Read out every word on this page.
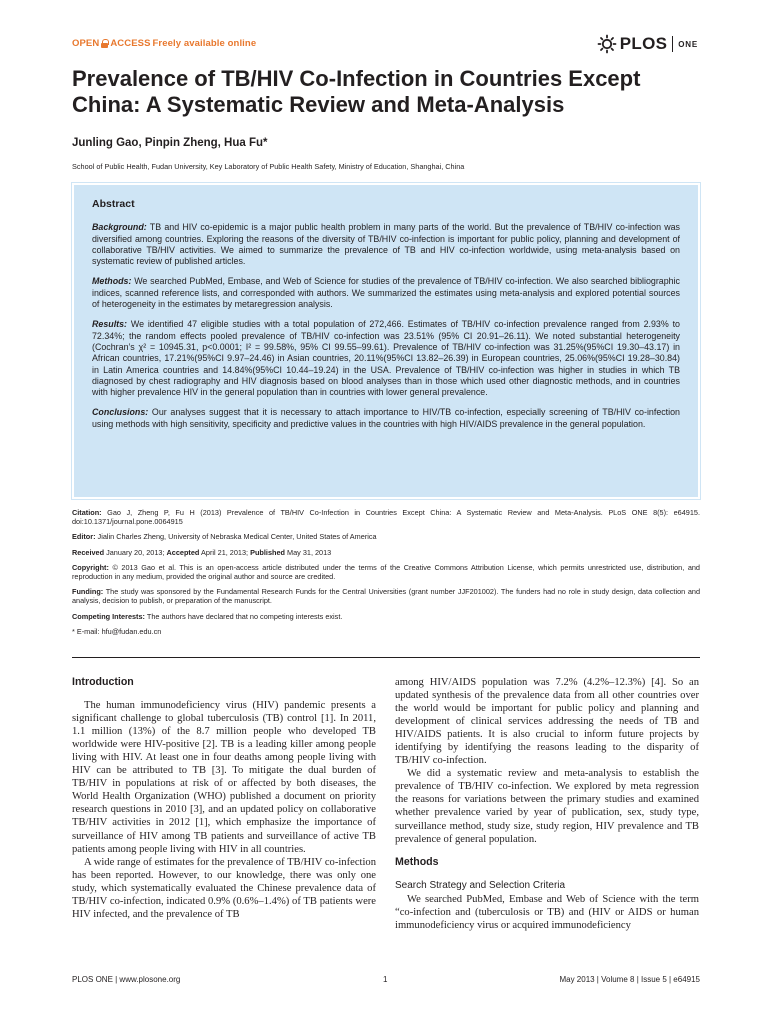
OPEN ACCESS Freely available online	PLOS ONE
Prevalence of TB/HIV Co-Infection in Countries Except China: A Systematic Review and Meta-Analysis
Junling Gao, Pinpin Zheng, Hua Fu*
School of Public Health, Fudan University, Key Laboratory of Public Health Safety, Ministry of Education, Shanghai, China
Abstract

Background: TB and HIV co-epidemic is a major public health problem in many parts of the world. But the prevalence of TB/HIV co-infection was diversified among countries. Exploring the reasons of the diversity of TB/HIV co-infection is important for public policy, planning and development of collaborative TB/HIV activities. We aimed to summarize the prevalence of TB and HIV co-infection worldwide, using meta-analysis based on systematic review of published articles.

Methods: We searched PubMed, Embase, and Web of Science for studies of the prevalence of TB/HIV co-infection. We also searched bibliographic indices, scanned reference lists, and corresponded with authors. We summarized the estimates using meta-analysis and explored potential sources of heterogeneity in the estimates by metaregression analysis.

Results: We identified 47 eligible studies with a total population of 272,466. Estimates of TB/HIV co-infection prevalence ranged from 2.93% to 72.34%; the random effects pooled prevalence of TB/HIV co-infection was 23.51% (95% CI 20.91–26.11). We noted substantial heterogeneity (Cochran’s χ² = 10945.31, p<0.0001; I² = 99.58%, 95% CI 99.55–99.61). Prevalence of TB/HIV co-infection was 31.25%(95%CI 19.30–43.17) in African countries, 17.21%(95%CI 9.97–24.46) in Asian countries, 20.11%(95%CI 13.82–26.39) in European countries, 25.06%(95%CI 19.28–30.84) in Latin America countries and 14.84%(95%CI 10.44–19.24) in the USA. Prevalence of TB/HIV co-infection was higher in studies in which TB diagnosed by chest radiography and HIV diagnosis based on blood analyses than in those which used other diagnostic methods, and in countries with higher prevalence HIV in the general population than in countries with lower general prevalence.

Conclusions: Our analyses suggest that it is necessary to attach importance to HIV/TB co-infection, especially screening of TB/HIV co-infection using methods with high sensitivity, specificity and predictive values in the countries with high HIV/AIDS prevalence in the general population.

Citation: Gao J, Zheng P, Fu H (2013) Prevalence of TB/HIV Co-Infection in Countries Except China: A Systematic Review and Meta-Analysis. PLoS ONE 8(5): e64915. doi:10.1371/journal.pone.0064915

Editor: Jialin Charles Zheng, University of Nebraska Medical Center, United States of America

Received January 20, 2013; Accepted April 21, 2013; Published May 31, 2013

Copyright: © 2013 Gao et al. This is an open-access article distributed under the terms of the Creative Commons Attribution License, which permits unrestricted use, distribution, and reproduction in any medium, provided the original author and source are credited.

Funding: The study was sponsored by the Fundamental Research Funds for the Central Universities (grant number JJF201002). The funders had no role in study design, data collection and analysis, decision to publish, or preparation of the manuscript.

Competing Interests: The authors have declared that no competing interests exist.

* E-mail: hfu@fudan.edu.cn

Introduction

The human immunodeficiency virus (HIV) pandemic presents a significant challenge to global tuberculosis (TB) control [1]. In 2011, 1.1 million (13%) of the 8.7 million people who developed TB worldwide were HIV-positive [2]. TB is a leading killer among people living with HIV. At least one in four deaths among people living with HIV can be attributed to TB [3]. To mitigate the dual burden of TB/HIV in populations at risk of or affected by both diseases, the World Health Organization (WHO) published a document on priority research questions in 2010 [3], and an updated policy on collaborative TB/HIV activities in 2012 [1], which emphasize the importance of surveillance of HIV among TB patients and surveillance of active TB patients among people living with HIV in all countries.

A wide range of estimates for the prevalence of TB/HIV co-infection has been reported. However, to our knowledge, there was only one study, which systematically evaluated the Chinese prevalence data of TB/HIV co-infection, indicated 0.9% (0.6%–1.4%) of TB patients were HIV infected, and the prevalence of TB

among HIV/AIDS population was 7.2% (4.2%–12.3%) [4]. So an updated synthesis of the prevalence data from all other countries over the world would be important for public policy and planning and development of clinical services addressing the needs of TB and HIV/AIDS patients. It is also crucial to inform future projects by identifying by identifying the reasons leading to the disparity of TB/HIV co-infection.

We did a systematic review and meta-analysis to establish the prevalence of TB/HIV co-infection. We explored by meta regression the reasons for variations between the primary studies and examined whether prevalence varied by year of publication, sex, study type, surveillance method, study size, study region, HIV prevalence and TB prevalence of general population.

Methods
Search Strategy and Selection Criteria

We searched PubMed, Embase and Web of Science with the term “co-infection and (tuberculosis or TB) and (HIV or AIDS or human immunodeficiency virus or acquired immunodeficiency

PLOS ONE | www.plosone.org	1	May 2013 | Volume 8 | Issue 5 | e64915
